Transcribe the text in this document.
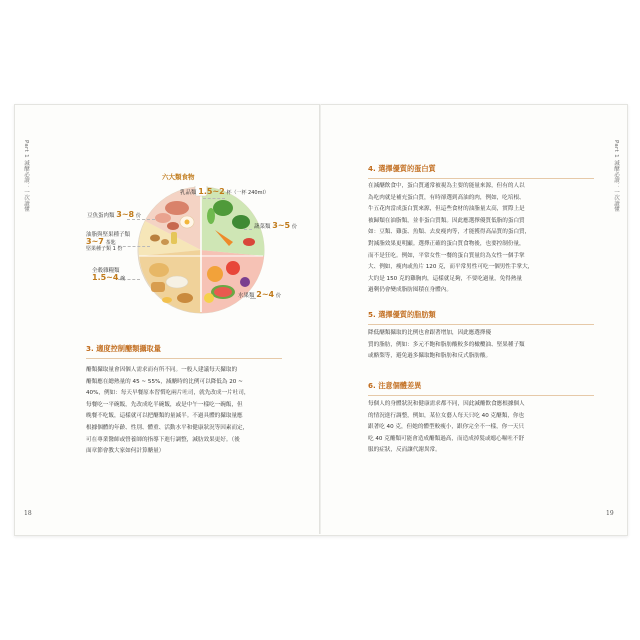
Part 1 減醣必讀：一次讀懂	Part 1 減醣必讀：一次讀懂
六大類食物
乳品類 1.5~2 杯（一杯 240ml）
豆魚蛋肉類 3~8 份
油脂與堅果種子類
3~7 茶匙
堅果種子類 1 份
全穀雜糧類
1.5~4 碗
蔬菜類 3~5 份
水果類 2~4 份
3. 適度控制醣類攝取量
醣類攝取量會因個人需求而有所不同。一般人建議每天攝取的
醣類應在總熱量的 45 ~ 55%，減醣時的比例可以降低為 20 ~
40%，例如：每天早餐原本習慣吃兩片吐司，就先改成一片吐司，
每餐吃一平碗飯，先改成吃半碗飯，或是中午一樣吃一碗飯，但
晚餐不吃飯，這樣就可以把醣類的量減半。不過具體的攝取量應
根據個體的年齡、性別、體重、活動水平和健康狀況等因素而定，
可在專業醫師或營養師的指導下進行調整，減肪效果更好。（後
面章節會教大家如何計算醣量）
4. 選擇優質的蛋白質
在減醣飲食中，蛋白質通常被視為主要的能量來源，但有的人以
為吃肉就是補充蛋白質，有時卻選到高油的肉，例如，吃培根、
牛五花肉當成蛋白質來源，但這些食材的油脂量太高，實際上是
被歸類在油脂類，並非蛋白質類。因此應選擇優質低脂的蛋白質
如：豆類、雞蛋、魚類、去皮瘦肉等，才能獲得高品質的蛋白質，
對減脂效果更明顯。選擇正確的蛋白質食物後，也要控制份量，
而不是狂吃。例如，平常女性一餐的蛋白質量約為女性一個手掌
大、例如，瘦肉或魚片 120 克，而平常男性可吃一個男性手掌大，
大約是 150 克的雞胸肉，這樣就足夠，不要吃過量，免得熱量
過剩仍會變成脂肪囤積在身體內。
5. 選擇優質的脂肪類
降低醣類攝取的比例也會跟著增加，因此應選擇優
質的脂肪，例如：多元不飽和脂肪酸較多的橄欖油、堅果種子類
或酪梨等，避免過多攝取飽和脂肪和反式脂肪酸。
6. 注意個體差異
每個人的身體狀況和健康需求都不同，因此減醣飲食應根據個人
的情況進行調整，例如，某位女藝人每天只吃 40 克醣類，你也
跟著吃 40 克，但她的體型較瘦小，跟你完全不一樣，你一天只
吃 40 克醣類可能會造成醣類過高，而造成掉髮或噁心嘔吐不舒
服的症狀，反而讓代謝異常。
18	19
